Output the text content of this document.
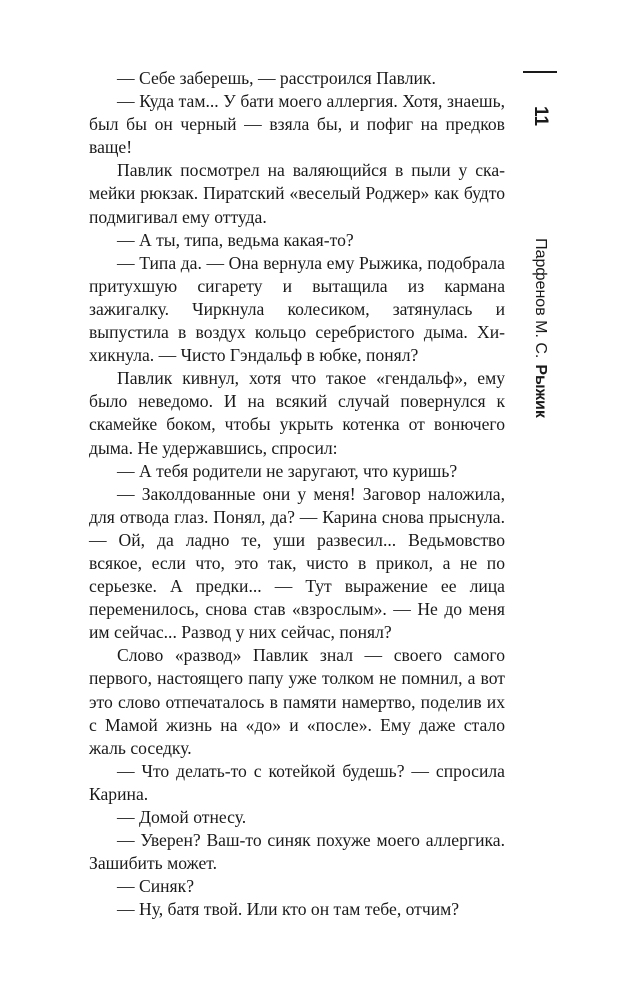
11
Парфенов М. С.Рыжик

— Себе заберешь, — расстроился Павлик.

— Куда там... У бати моего аллергия. Хотя, знаешь, был бы он черный — взяла бы, и пофиг на предков ваще!

Павлик посмотрел на валяющийся в пыли у скамейки рюкзак. Пиратский «веселый Роджер» как будто подмигивал ему оттуда.

— А ты, типа, ведьма какая-то?

— Типа да. — Она вернула ему Рыжика, подобрала притухшую сигарету и вытащила из кармана зажигалку. Чиркнула колесиком, затянулась и выпустила в воздух кольцо серебристого дыма. Хихикнула. — Чисто Гэндальф в юбке, понял?

Павлик кивнул, хотя что такое «гендальф», ему было неведомо. И на всякий случай повернулся к скамейке боком, чтобы укрыть котенка от вонючего дыма. Не удержавшись, спросил:

— А тебя родители не заругают, что куришь?

— Заколдованные они у меня! Заговор наложила, для отвода глаз. Понял, да? — Карина снова прыснула. — Ой, да ладно те, уши развесил... Ведьмовство всякое, если что, это так, чисто в прикол, а не по серьезке. А предки... — Тут выражение ее лица переменилось, снова став «взрослым». — Не до меня им сейчас... Развод у них сейчас, понял?

Слово «развод» Павлик знал — своего самого первого, настоящего папу уже толком не помнил, а вот это слово отпечаталось в памяти намертво, поделив их с Мамой жизнь на «до» и «после». Ему даже стало жаль соседку.

— Что делать-то с котейкой будешь? — спросила Карина.

— Домой отнесу.

— Уверен? Ваш-то синяк похуже моего аллергика. Зашибить может.

— Синяк?

— Ну, батя твой. Или кто он там тебе, отчим?
